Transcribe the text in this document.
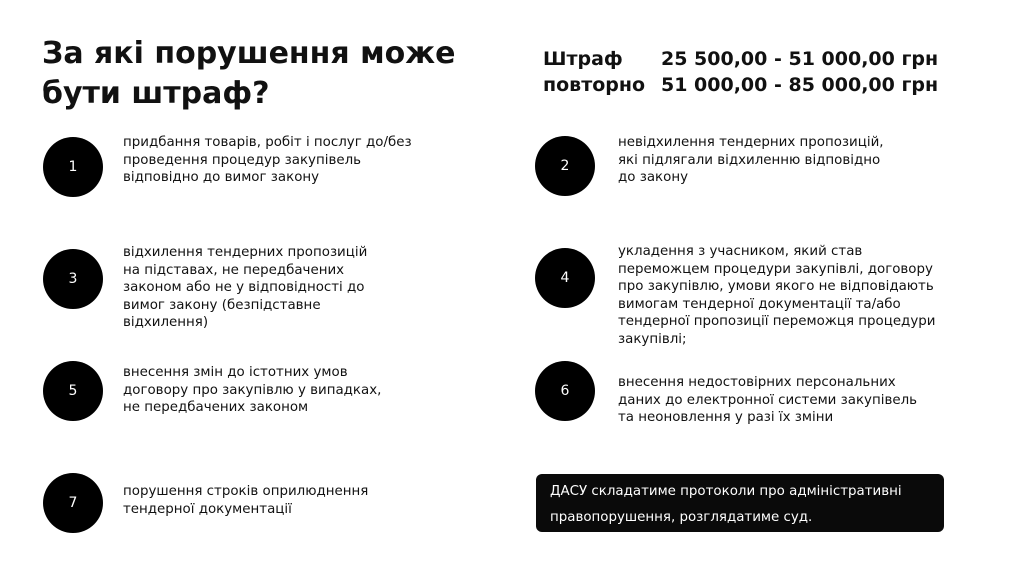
За які порушення може
бути штраф?
Штраф	25 500,00 - 51 000,00 грн
повторно 51 000,00 - 85 000,00 грн
1
придбання товарів, робіт і послуг до/без
проведення процедур закупівель
відповідно до вимог закону
2
невідхилення тендерних пропозицій,
які підлягали відхиленню відповідно
до закону
3
відхилення тендерних пропозицій
на підставах, не передбачених
законом або не у відповідності до
вимог закону (безпідставне
відхилення)
4
укладення з учасником, який став
переможцем процедури закупівлі, договору
про закупівлю, умови якого не відповідають
вимогам тендерної документації та/або
тендерної пропозиції переможця процедури
закупівлі;
5
внесення змін до істотних умов
договору про закупівлю у випадках,
не передбачених законом
6
внесення недостовірних персональних
даних до електронної системи закупівель
та неоновлення у разі їх зміни
7
порушення строків оприлюднення
тендерної документації
ДАСУ складатиме протоколи про адміністративні
правопорушення, розглядатиме суд.
